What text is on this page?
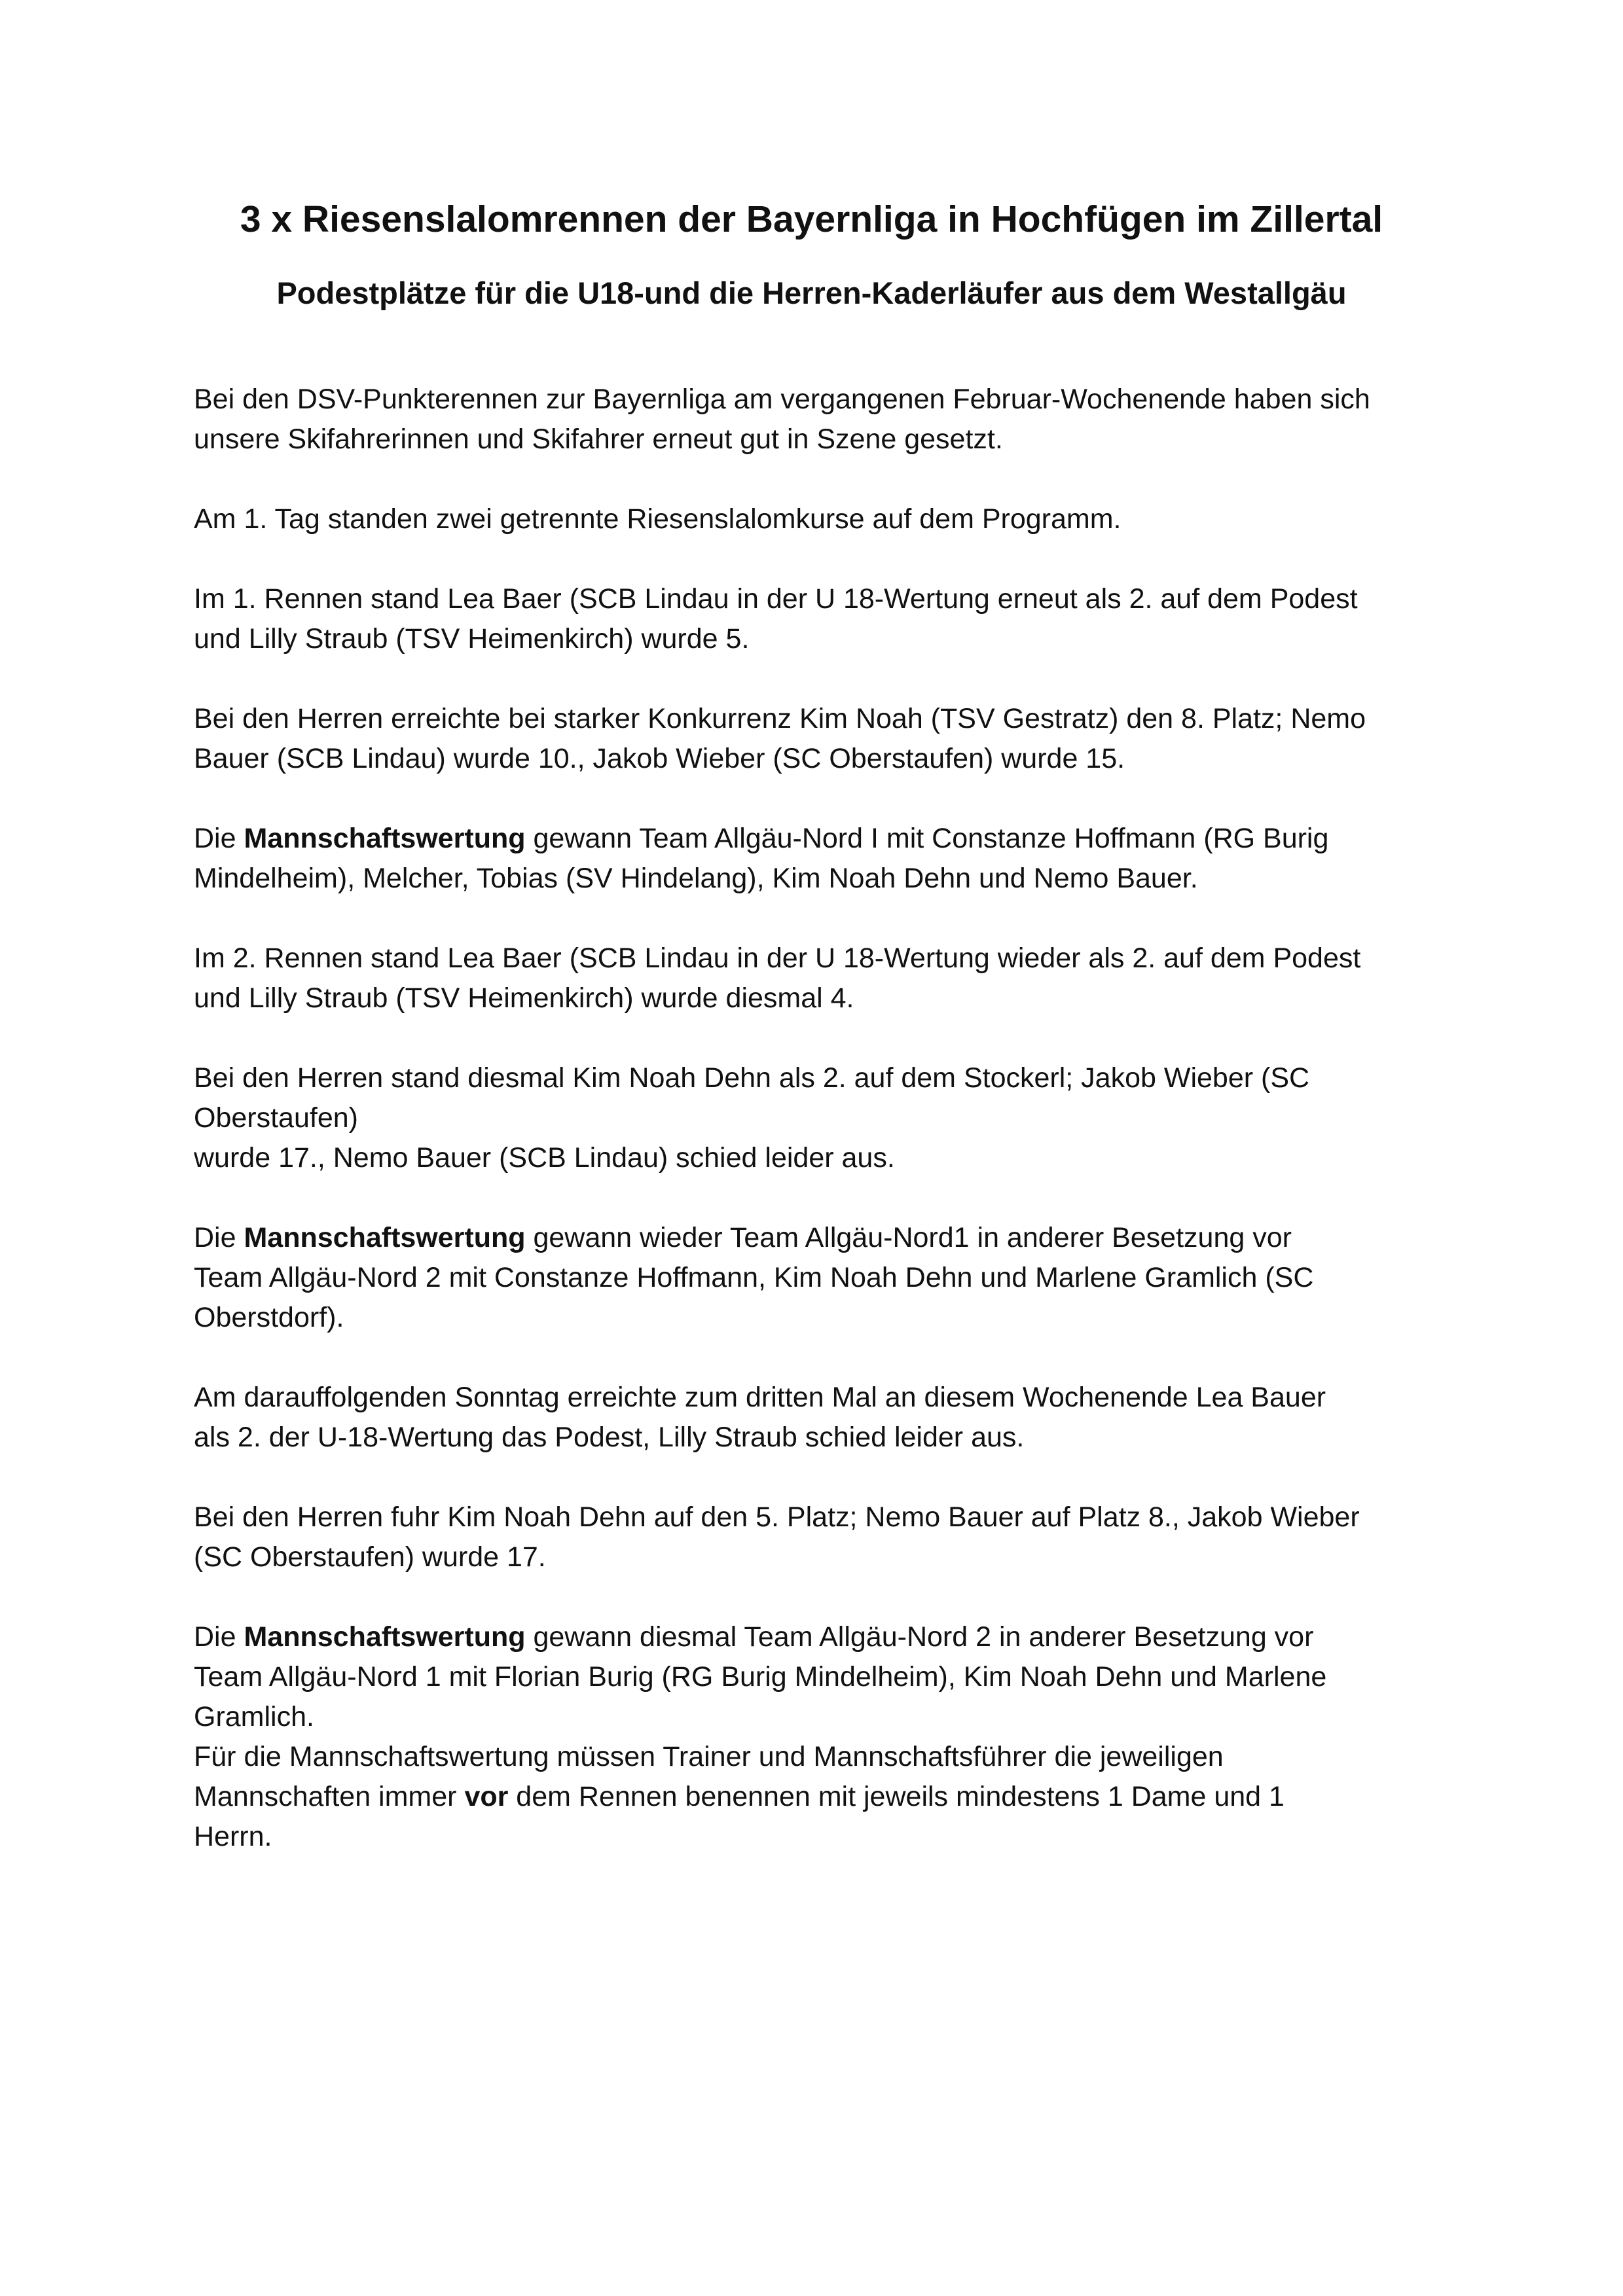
3 x Riesenslalomrennen der Bayernliga in Hochfügen im Zillertal
Podestplätze für die U18-und die Herren-Kaderläufer aus dem Westallgäu

Bei den DSV-Punkterennen zur Bayernliga am vergangenen Februar-Wochenende haben sich
unsere Skifahrerinnen und Skifahrer erneut gut in Szene gesetzt.

Am 1. Tag standen zwei getrennte Riesenslalomkurse auf dem Programm.

Im 1. Rennen stand Lea Baer (SCB Lindau in der U 18-Wertung erneut als 2. auf dem Podest
und Lilly Straub (TSV Heimenkirch) wurde 5.

Bei den Herren erreichte bei starker Konkurrenz Kim Noah (TSV Gestratz) den 8. Platz; Nemo
Bauer (SCB Lindau) wurde 10., Jakob Wieber (SC Oberstaufen) wurde 15.

Die Mannschaftswertung gewann Team Allgäu-Nord I mit Constanze Hoffmann (RG Burig
Mindelheim), Melcher, Tobias (SV Hindelang), Kim Noah Dehn und Nemo Bauer.

Im 2. Rennen stand Lea Baer (SCB Lindau in der U 18-Wertung wieder als 2. auf dem Podest
und Lilly Straub (TSV Heimenkirch) wurde diesmal 4.

Bei den Herren stand diesmal Kim Noah Dehn als 2. auf dem Stockerl; Jakob Wieber (SC
Oberstaufen)
wurde 17., Nemo Bauer (SCB Lindau) schied leider aus.

Die Mannschaftswertung gewann wieder Team Allgäu-Nord1 in anderer Besetzung vor
Team Allgäu-Nord 2 mit Constanze Hoffmann, Kim Noah Dehn und Marlene Gramlich (SC
Oberstdorf).

Am darauffolgenden Sonntag erreichte zum dritten Mal an diesem Wochenende Lea Bauer
als 2. der U-18-Wertung das Podest, Lilly Straub schied leider aus.

Bei den Herren fuhr Kim Noah Dehn auf den 5. Platz; Nemo Bauer auf Platz 8., Jakob Wieber
(SC Oberstaufen) wurde 17.

Die Mannschaftswertung gewann diesmal Team Allgäu-Nord 2 in anderer Besetzung vor
Team Allgäu-Nord 1 mit Florian Burig (RG Burig Mindelheim), Kim Noah Dehn und Marlene
Gramlich.
Für die Mannschaftswertung müssen Trainer und Mannschaftsführer die jeweiligen
Mannschaften immer vor dem Rennen benennen mit jeweils mindestens 1 Dame und 1
Herrn.
